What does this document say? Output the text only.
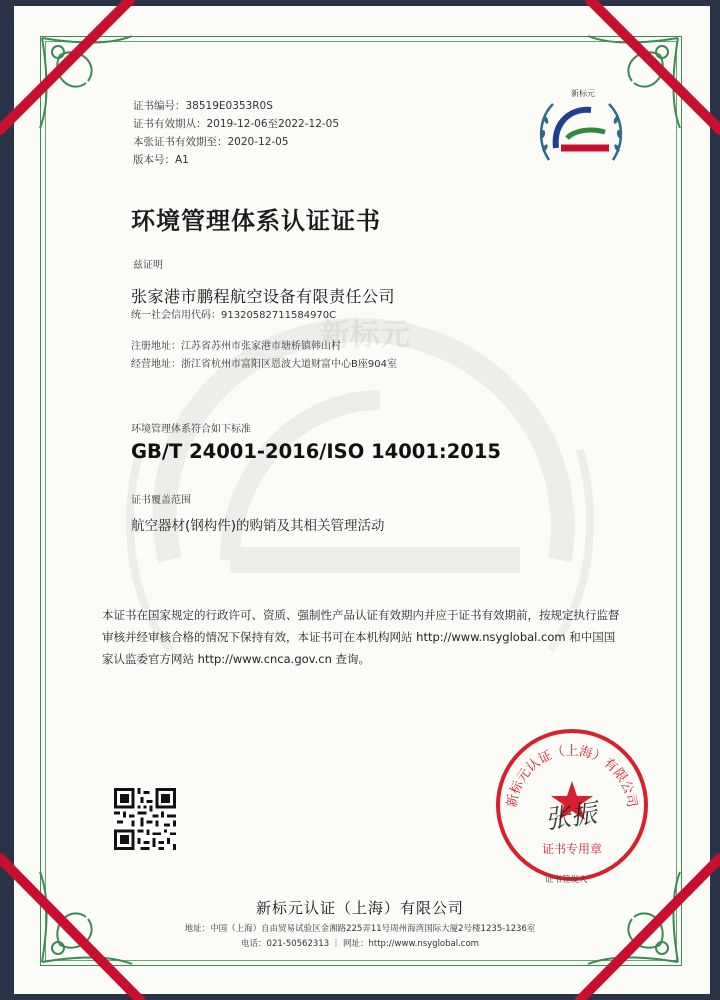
证书编号：38519E0353R0S
证书有效期从：2019-12-06至2022-12-05
本张证书有效期至：2020-12-05
版本号：A1
新标元
环境管理体系认证证书
兹证明
张家港市鹏程航空设备有限责任公司
统一社会信用代码：91320582711584970C
注册地址：江苏省苏州市张家港市塘桥镇韩山村
经营地址：浙江省杭州市富阳区恩波大道财富中心B座904室
环境管理体系符合如下标准
GB/T 24001-2016/ISO 14001:2015
证书覆盖范围
航空器材(钢构件)的购销及其相关管理活动
本证书在国家规定的行政许可、资质、强制性产品认证有效期内并应于证书有效期前，按规定执行监督审核并经审核合格的情况下保持有效，本证书可在本机构网站 http://www.nsyglobal.com 和中国国家认监委官方网站 http://www.cnca.gov.cn 查询。
新标元认证（上海）有限公司
证书专用章
张振
证书签发人
新标元认证（上海）有限公司
地址：中国（上海）自由贸易试验区金湘路225弄11号周州海湾国际大厦2号楼1235-1236室
电话：021-50562313 ｜ 网址：http://www.nsyglobal.com
